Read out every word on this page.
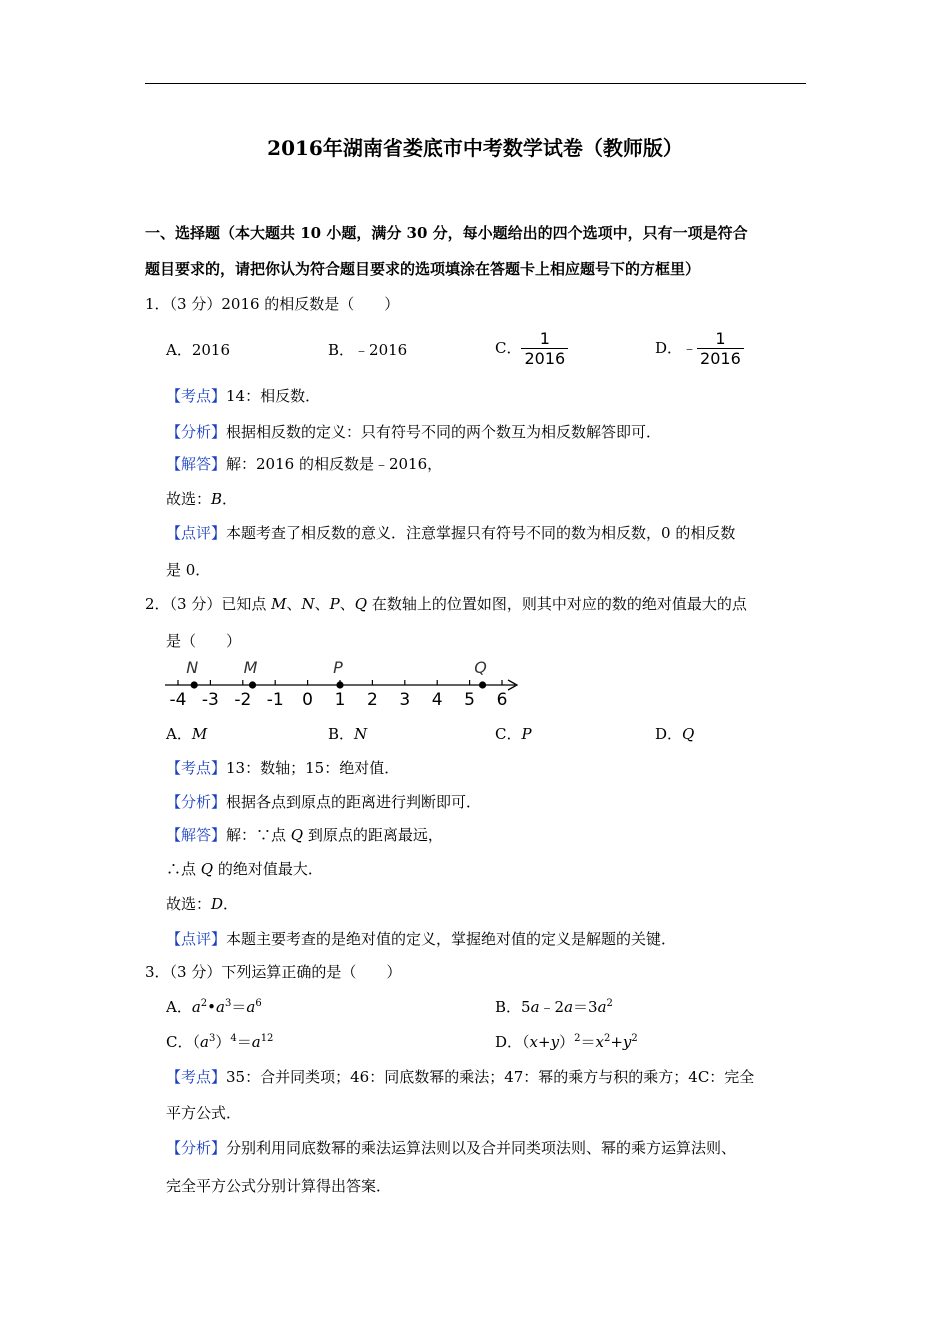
2016年湖南省娄底市中考数学试卷（教师版）
一、选择题（本大题共 10 小题，满分 30 分，每小题给出的四个选项中，只有一项是符合
题目要求的，请把你认为符合题目要求的选项填涂在答题卡上相应题号下的方框里）
1．（3 分）2016 的相反数是（　　）
A．2016	B．﹣2016	C． $\frac{1}{2016}$	D．﹣ $\frac{1}{2016}$
【考点】14：相反数．
【分析】根据相反数的定义：只有符号不同的两个数互为相反数解答即可．
【解答】解：2016 的相反数是﹣2016，
故选：B．
【点评】本题考查了相反数的意义．注意掌握只有符号不同的数为相反数，0 的相反数
是 0．
2．（3 分）已知点 M、N、P、Q 在数轴上的位置如图，则其中对应的数的绝对值最大的点
是（　　）
-4 -3 -2 -1 0 1 2 3 4 5 6
N	M	P	Q
A．M	B．N	C．P	D．Q
【考点】13：数轴；15：绝对值．
【分析】根据各点到原点的距离进行判断即可．
【解答】解：∵点 Q 到原点的距离最远，
∴点 Q 的绝对值最大．
故选：D．
【点评】本题主要考查的是绝对值的定义，掌握绝对值的定义是解题的关键．
3．（3 分）下列运算正确的是（　　）
A．$a^2•a^3=a^6$	B．$5a﹣2a=3a^2$
C．$(a^3)^4=a^{12}$	D．$(x+y)^2=x^2+y^2$
【考点】35：合并同类项；46：同底数幂的乘法；47：幂的乘方与积的乘方；4C：完全
平方公式．
【分析】分别利用同底数幂的乘法运算法则以及合并同类项法则、幂的乘方运算法则、
完全平方公式分别计算得出答案．
